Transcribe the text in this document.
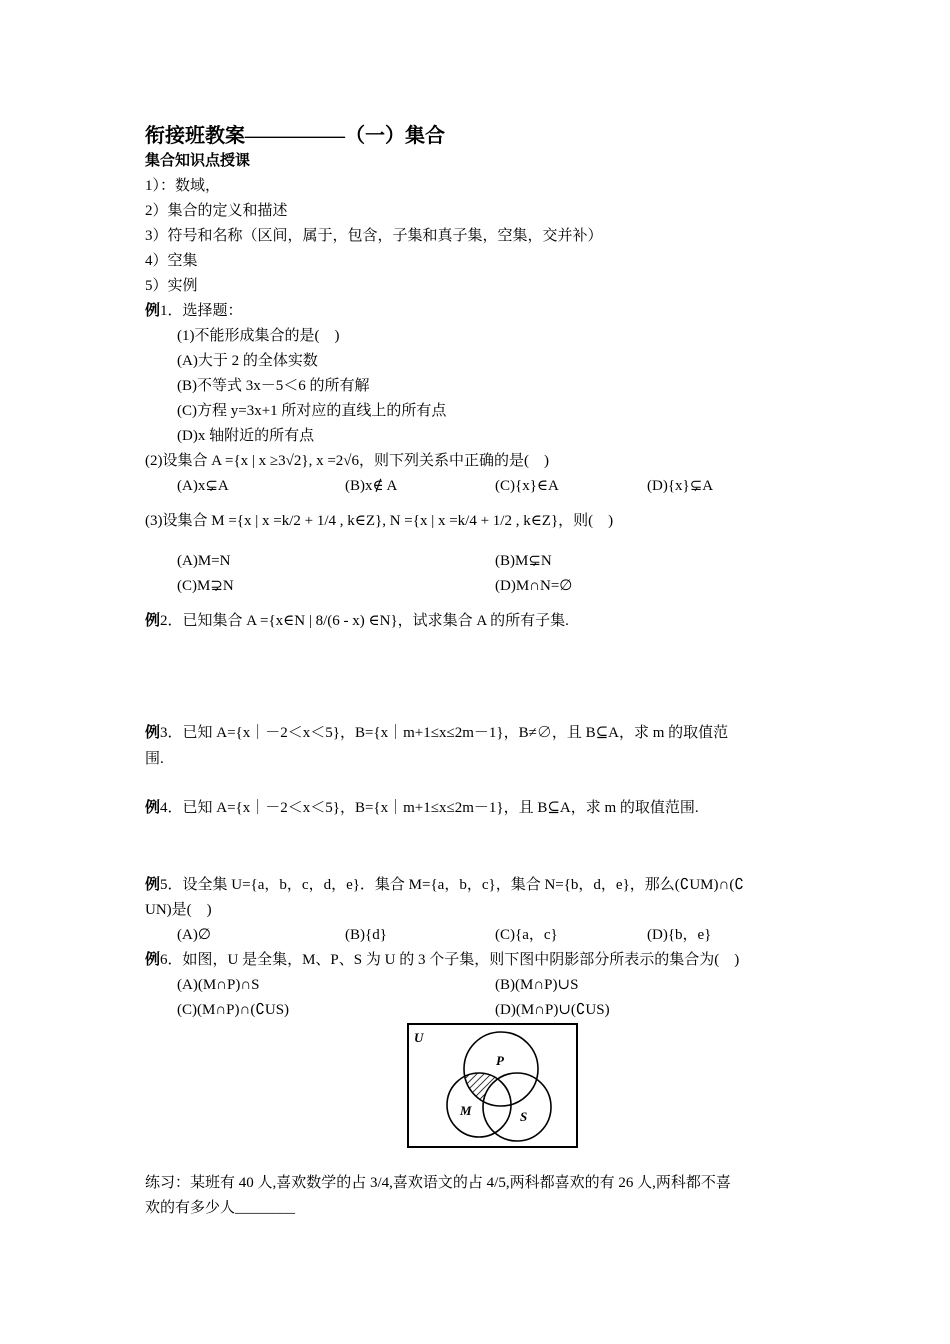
衔接班教案—————（一）集合
集合知识点授课
1）：数域，
2）集合的定义和描述
3）符号和名称（区间，属于，包含，子集和真子集，空集，交并补）
4）空集
5）实例
例1．选择题：
(1)不能形成集合的是(　)
(A)大于 2 的全体实数
(B)不等式 3x－5＜6 的所有解
(C)方程 y=3x+1 所对应的直线上的所有点
(D)x 轴附近的所有点
(2)设集合 A ={x | x ≥3√2}, x =2√6，则下列关系中正确的是(　)
(A)x⊊A	(B)x∉ A	(C){x}∈A	(D){x}⊊A
(3)设集合 M ={x | x =k/2 + 1/4 , k∈Z}, N ={x | x =k/4 + 1/2 , k∈Z}，则(　)
(A)M=N	(B)M⊊N
(C)M⊋N	(D)M∩N=∅
例2．已知集合 A ={x∈N | 8/(6 - x) ∈N}，试求集合 A 的所有子集.
例3．已知 A={x｜－2＜x＜5}，B={x｜m+1≤x≤2m－1}，B≠∅，且 B⊆A，求 m 的取值范
围.
例4．已知 A={x｜－2＜x＜5}，B={x｜m+1≤x≤2m－1}，且 B⊆A，求 m 的取值范围.
例5．设全集 U={a，b，c，d，e}．集合 M={a，b，c}，集合 N={b，d，e}，那么(∁UM)∩(∁
UN)是(　)
(A)∅	(B){d}	(C){a，c}	(D){b，e}
例6．如图，U 是全集，M、P、S 为 U 的 3 个子集，则下图中阴影部分所表示的集合为(　)
(A)(M∩P)∩S	(B)(M∩P)∪S
(C)(M∩P)∩(∁US)	(D)(M∩P)∪(∁US)
U
P
M	S
练习：某班有 40 人,喜欢数学的占 3/4,喜欢语文的占 4/5,两科都喜欢的有 26 人,两科都不喜
欢的有多少人________
